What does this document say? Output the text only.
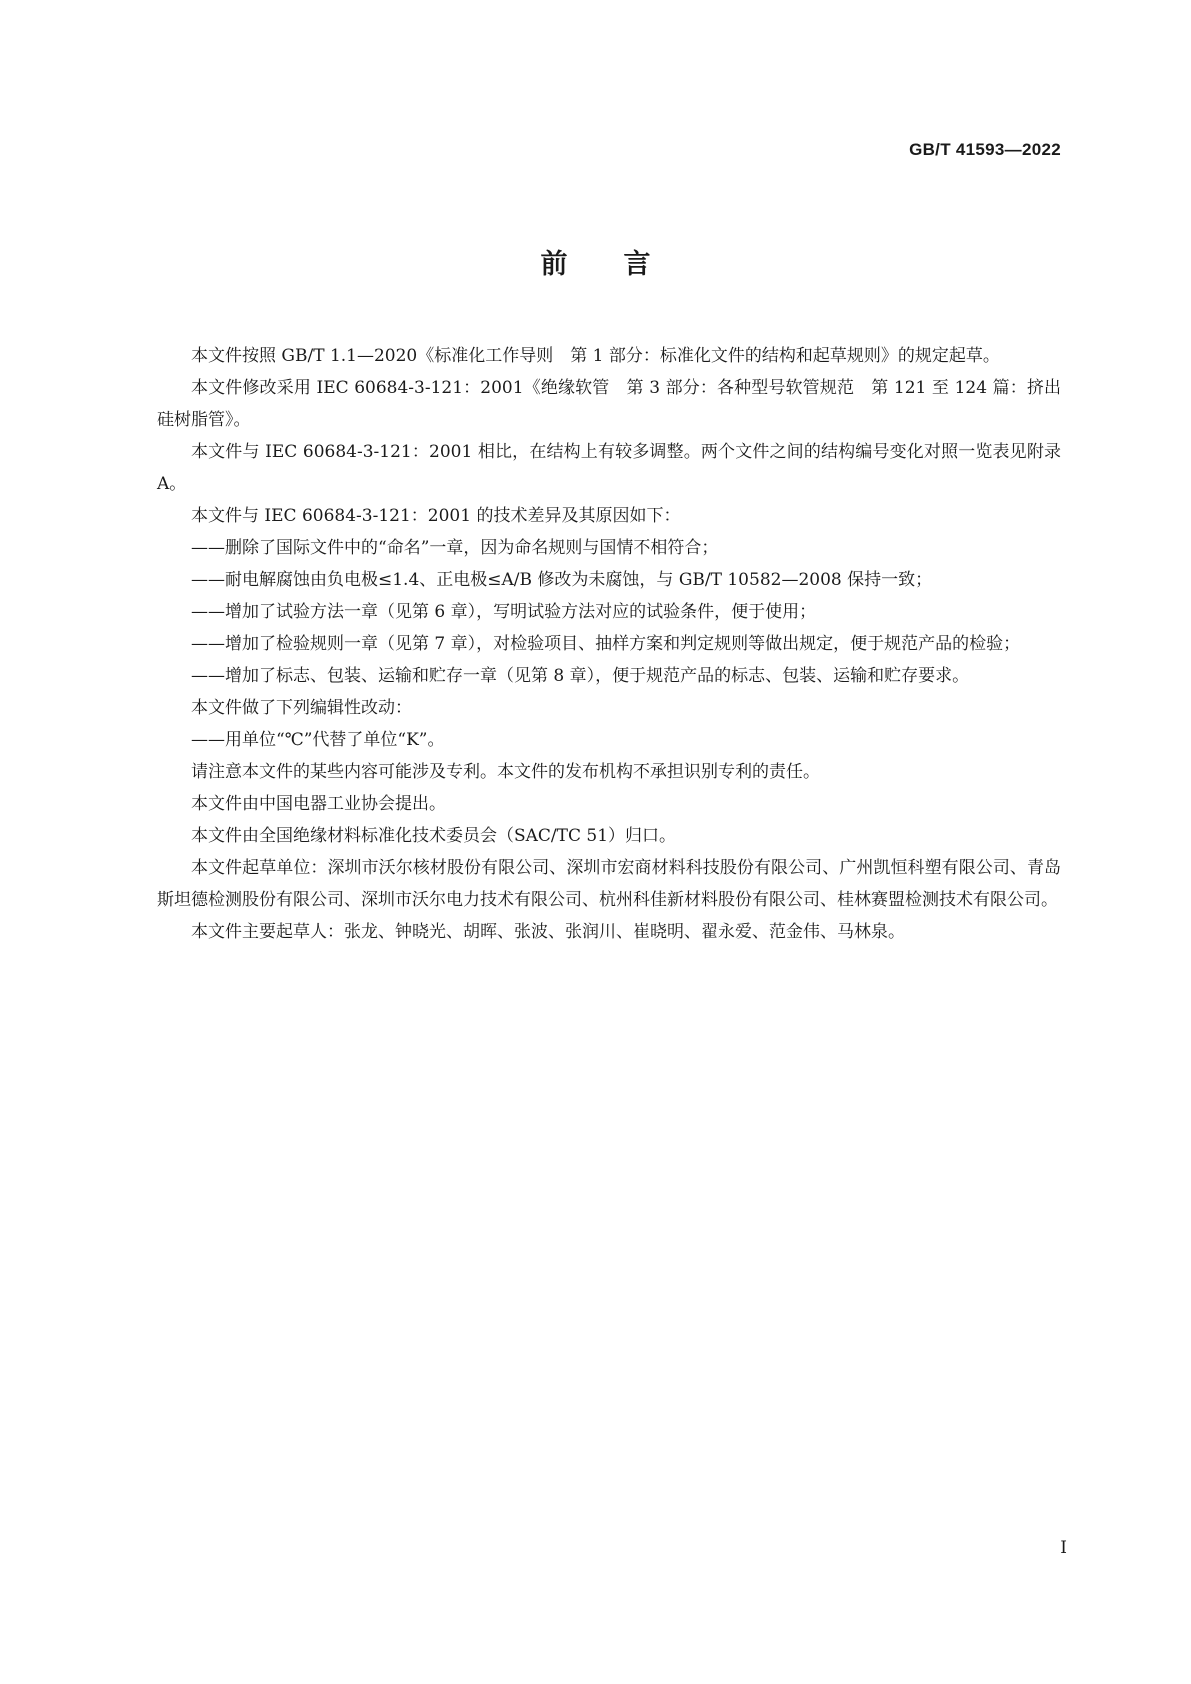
GB/T 41593—2022
前言

本文件按照 GB/T 1.1—2020《标准化工作导则　第 1 部分：标准化文件的结构和起草规则》的规定起草。

本文件修改采用 IEC 60684-3-121：2001《绝缘软管　第 3 部分：各种型号软管规范　第 121 至 124 篇：挤出硅树脂管》。

本文件与 IEC 60684-3-121：2001 相比，在结构上有较多调整。两个文件之间的结构编号变化对照一览表见附录 A。

本文件与 IEC 60684-3-121：2001 的技术差异及其原因如下：

——删除了国际文件中的“命名”一章，因为命名规则与国情不相符合；

——耐电解腐蚀由负电极≤1.4、正电极≤A/B 修改为未腐蚀，与 GB/T 10582—2008 保持一致；

——增加了试验方法一章（见第 6 章），写明试验方法对应的试验条件，便于使用；

——增加了检验规则一章（见第 7 章），对检验项目、抽样方案和判定规则等做出规定，便于规范产品的检验；

——增加了标志、包装、运输和贮存一章（见第 8 章），便于规范产品的标志、包装、运输和贮存要求。

本文件做了下列编辑性改动：

——用单位“℃”代替了单位“K”。

请注意本文件的某些内容可能涉及专利。本文件的发布机构不承担识别专利的责任。

本文件由中国电器工业协会提出。

本文件由全国绝缘材料标准化技术委员会（SAC/TC 51）归口。

本文件起草单位：深圳市沃尔核材股份有限公司、深圳市宏商材料科技股份有限公司、广州凯恒科塑有限公司、青岛斯坦德检测股份有限公司、深圳市沃尔电力技术有限公司、杭州科佳新材料股份有限公司、桂林赛盟检测技术有限公司。

本文件主要起草人：张龙、钟晓光、胡晖、张波、张润川、崔晓明、翟永爱、范金伟、马林泉。

I
